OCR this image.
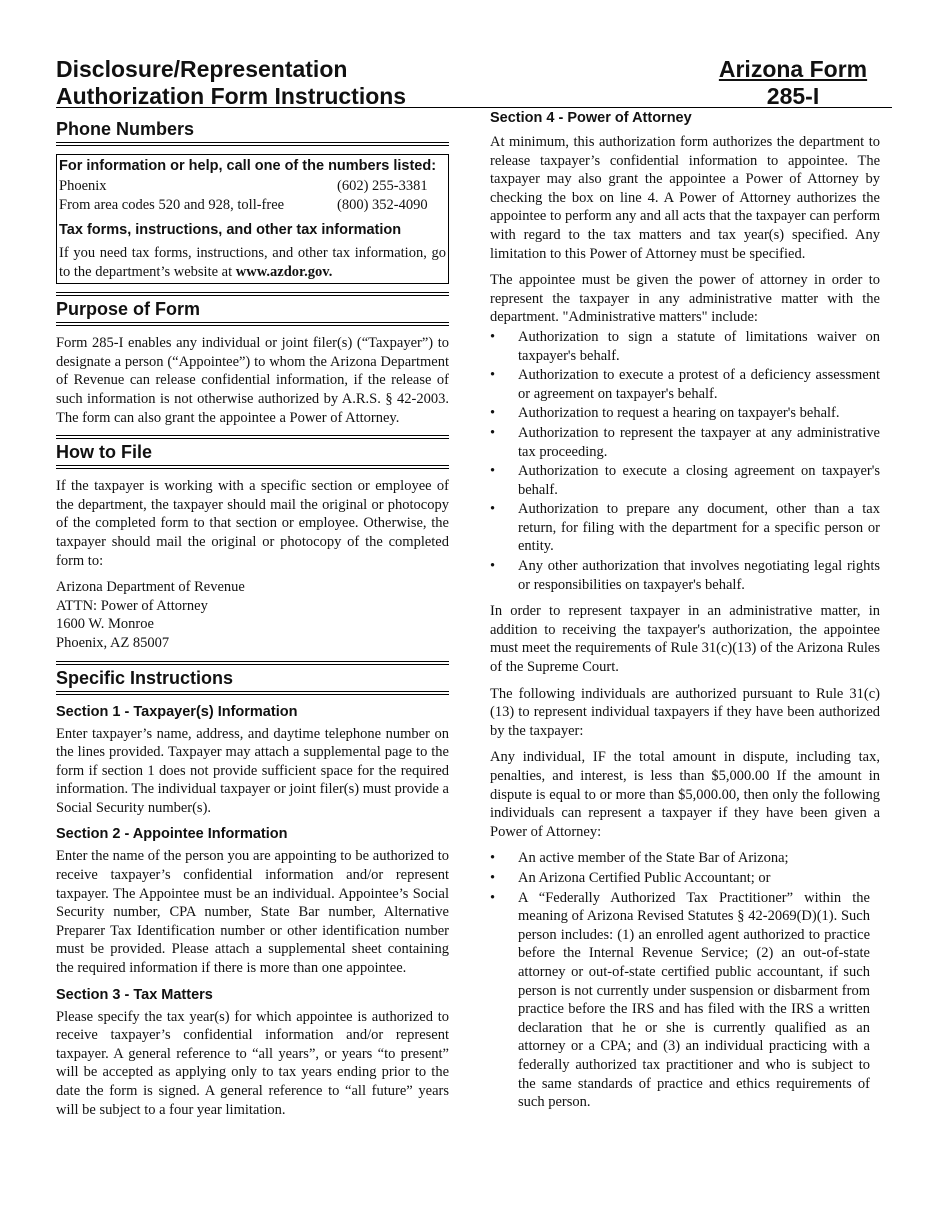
Disclosure/Representation
Authorization Form Instructions
Arizona Form
285-I
Phone Numbers
For information or help, call one of the numbers listed:
Phoenix	(602) 255-3381
From area codes 520 and 928, toll-free	(800) 352-4090
Tax forms, instructions, and other tax information
If you need tax forms, instructions, and other tax information, go to the department’s website at www.azdor.gov.
Purpose of Form

Form 285-I enables any individual or joint filer(s) (“Taxpayer”) to designate a person (“Appointee”) to whom the Arizona Department of Revenue can release confidential information, if the release of such information is not otherwise authorized by A.R.S. § 42-2003. The form can also grant the appointee a Power of Attorney.

How to File

If the taxpayer is working with a specific section or employee of the department, the taxpayer should mail the original or photocopy of the completed form to that section or employee. Otherwise, the taxpayer should mail the original or photocopy of the completed form to:

Arizona Department of Revenue
ATTN: Power of Attorney
1600 W. Monroe
Phoenix, AZ 85007
Specific Instructions
Section 1 - Taxpayer(s) Information

Enter taxpayer’s name, address, and daytime telephone number on the lines provided. Taxpayer may attach a supplemental page to the form if section 1 does not provide sufficient space for the required information. The individual taxpayer or joint filer(s) must provide a Social Security number(s).

Section 2 - Appointee Information

Enter the name of the person you are appointing to be authorized to receive taxpayer’s confidential information and/or represent taxpayer. The Appointee must be an individual. Appointee’s Social Security number, CPA number, State Bar number, Alternative Preparer Tax Identification number or other identification number must be provided. Please attach a supplemental sheet containing the required information if there is more than one appointee.

Section 3 - Tax Matters

Please specify the tax year(s) for which appointee is authorized to receive taxpayer’s confidential information and/or represent taxpayer. A general reference to “all years”, or years “to present” will be accepted as applying only to tax years ending prior to the date the form is signed. A general reference to “all future” years will be subject to a four year limitation.

Section 4 - Power of Attorney

At minimum, this authorization form authorizes the department to release taxpayer’s confidential information to appointee. The taxpayer may also grant the appointee a Power of Attorney by checking the box on line 4. A Power of Attorney authorizes the appointee to perform any and all acts that the taxpayer can perform with regard to the tax matters and tax year(s) specified. Any limitation to this Power of Attorney must be specified.

The appointee must be given the power of attorney in order to represent the taxpayer in any administrative matter with the department. "Administrative matters" include:

• Authorization to sign a statute of limitations waiver on taxpayer's behalf.
• Authorization to execute a protest of a deficiency assessment or agreement on taxpayer's behalf.
• Authorization to request a hearing on taxpayer's behalf.
• Authorization to represent the taxpayer at any administrative tax proceeding.
• Authorization to execute a closing agreement on taxpayer's behalf.
• Authorization to prepare any document, other than a tax return, for filing with the department for a specific person or entity.
• Any other authorization that involves negotiating legal rights or responsibilities on taxpayer's behalf.

In order to represent taxpayer in an administrative matter, in addition to receiving the taxpayer's authorization, the appointee must meet the requirements of Rule 31(c)(13) of the Arizona Rules of the Supreme Court.

The following individuals are authorized pursuant to Rule 31(c)(13) to represent individual taxpayers if they have been authorized by the taxpayer:

Any individual, IF the total amount in dispute, including tax, penalties, and interest, is less than $5,000.00 If the amount in dispute is equal to or more than $5,000.00, then only the following individuals can represent a taxpayer if they have been given a Power of Attorney:

• An active member of the State Bar of Arizona;
• An Arizona Certified Public Accountant; or
• A “Federally Authorized Tax Practitioner” within the meaning of Arizona Revised Statutes § 42-2069(D)(1). Such person includes: (1) an enrolled agent authorized to practice before the Internal Revenue Service; (2) an out-of-state attorney or out-of-state certified public accountant, if such person is not currently under suspension or disbarment from practice before the IRS and has filed with the IRS a written declaration that he or she is currently qualified as an attorney or a CPA; and (3) an individual practicing with a federally authorized tax practitioner and who is subject to the same standards of practice and ethics requirements of such person.
